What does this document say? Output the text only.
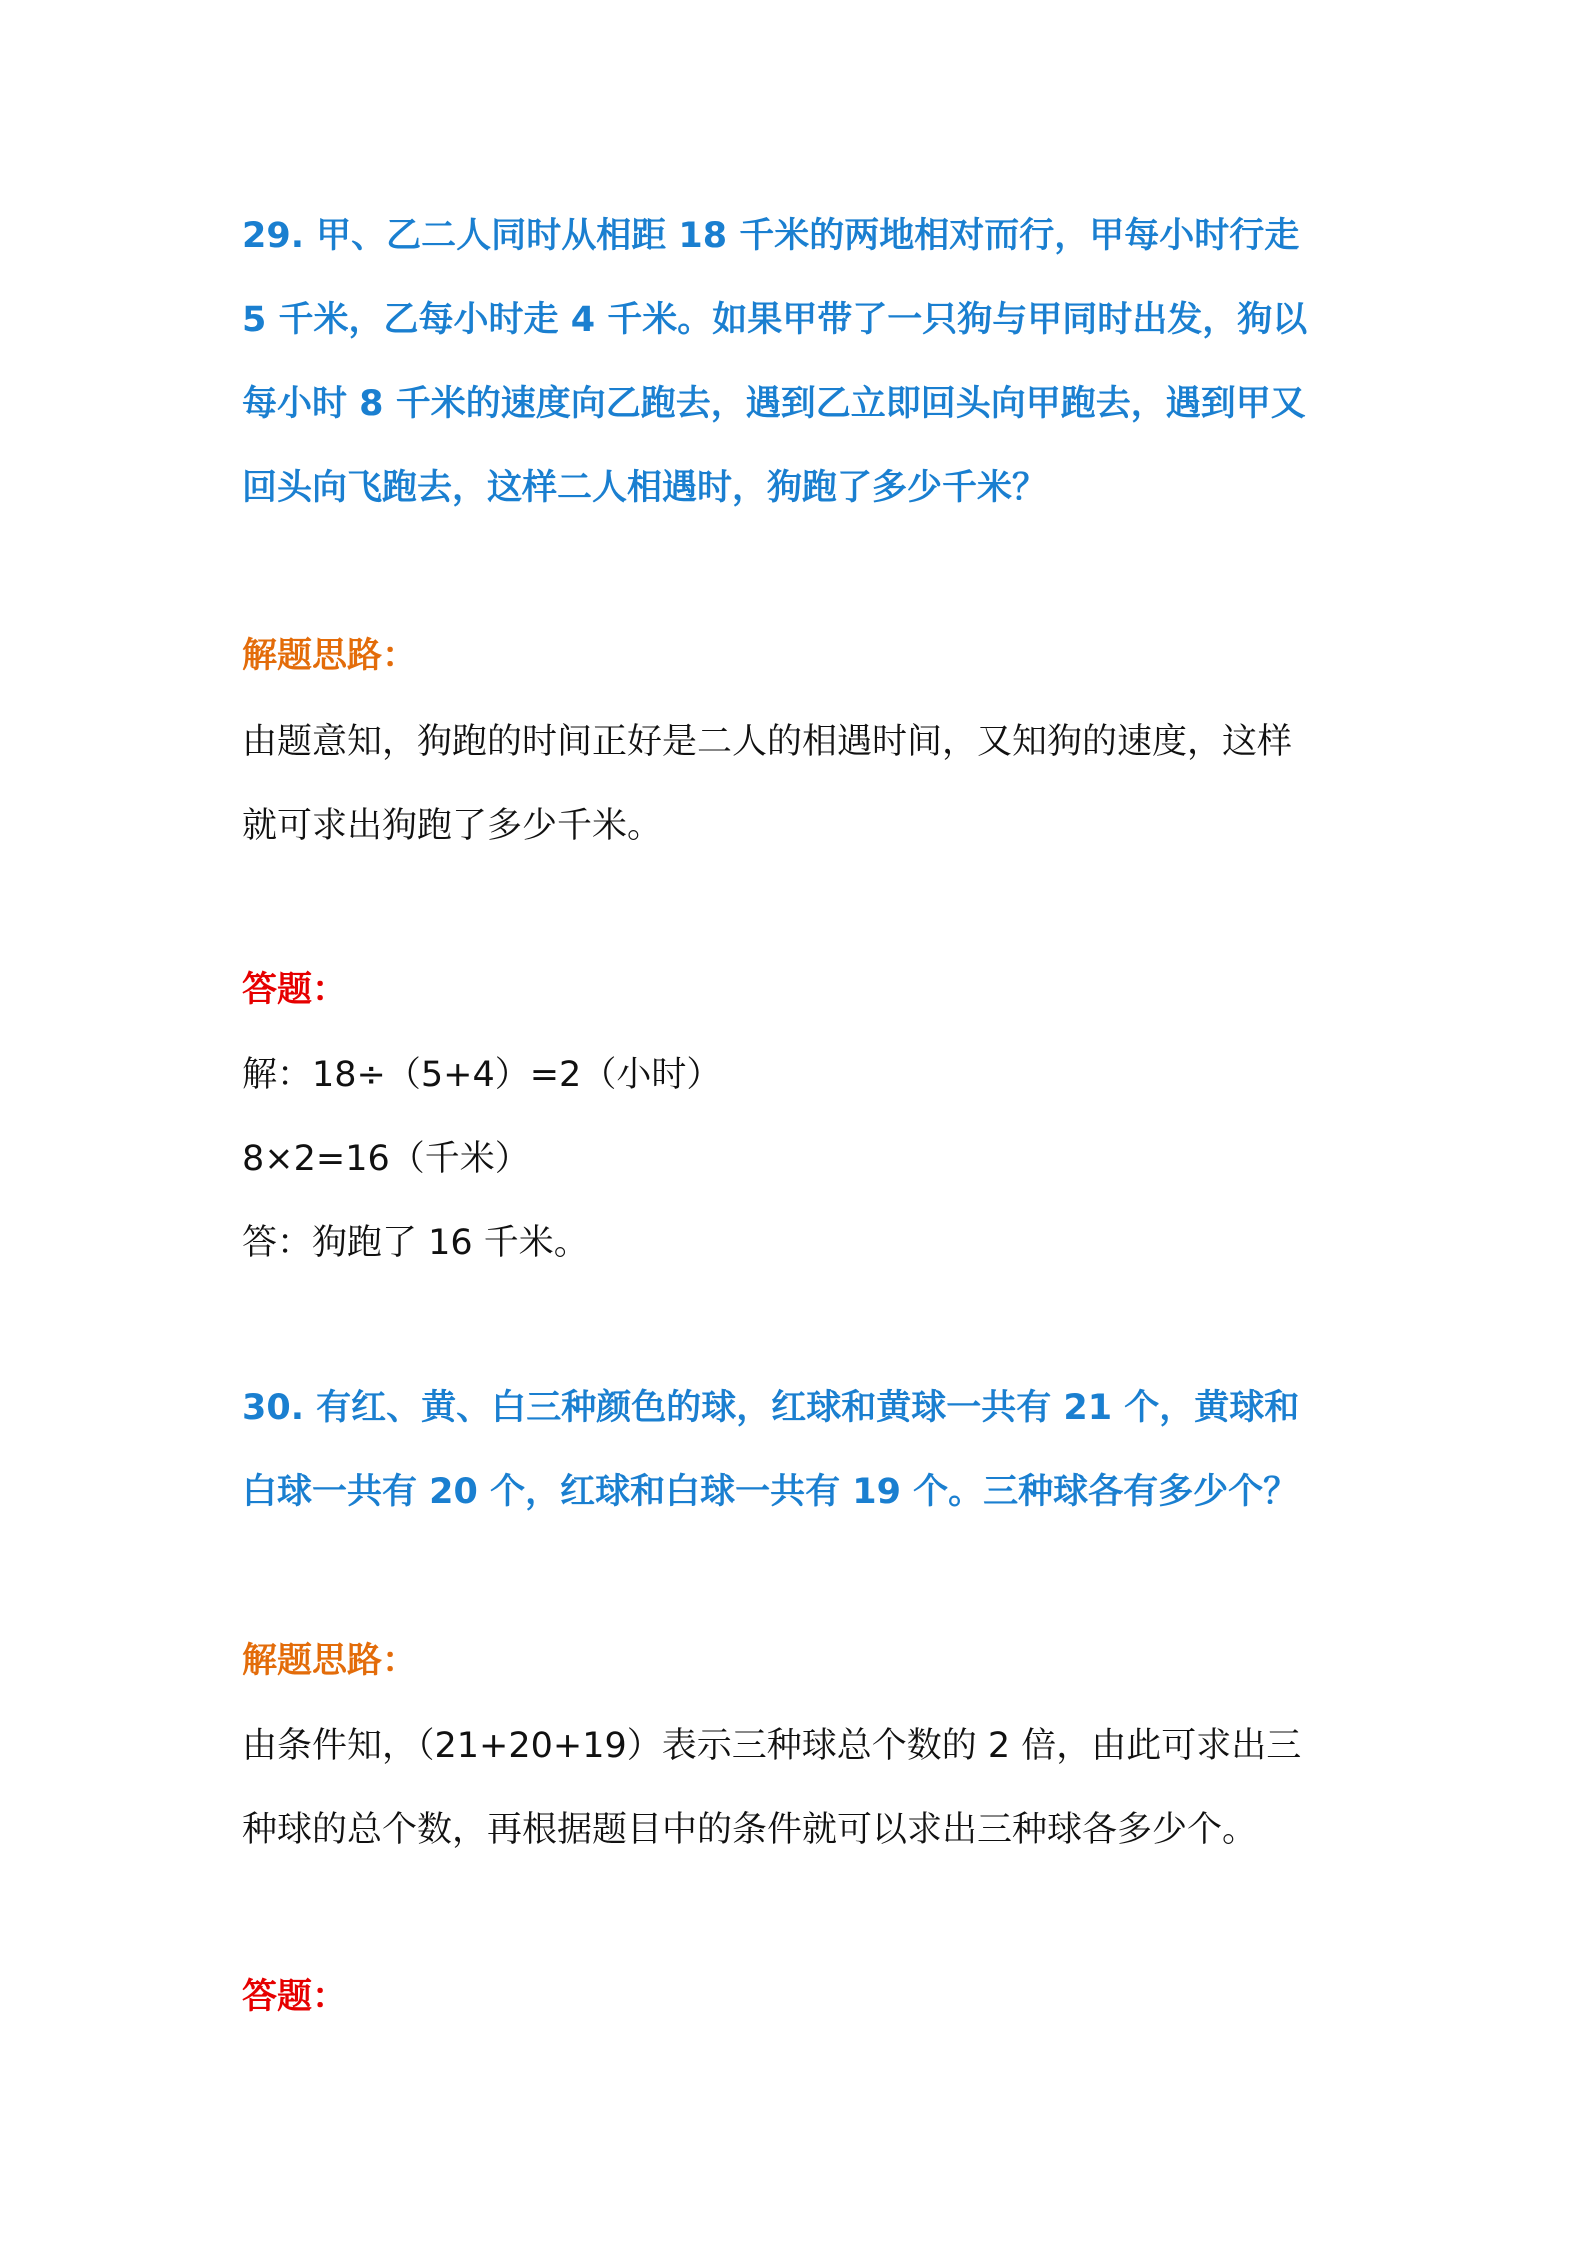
29. 甲、乙二人同时从相距 18 千米的两地相对而行，甲每小时行走
5 千米，乙每小时走 4 千米。如果甲带了一只狗与甲同时出发，狗以
每小时 8 千米的速度向乙跑去，遇到乙立即回头向甲跑去，遇到甲又
回头向飞跑去，这样二人相遇时，狗跑了多少千米？
解题思路：
由题意知，狗跑的时间正好是二人的相遇时间，又知狗的速度，这样
就可求出狗跑了多少千米。
答题：
解：18÷（5+4）=2（小时）
8×2=16（千米）
答：狗跑了 16 千米。
30. 有红、黄、白三种颜色的球，红球和黄球一共有 21 个，黄球和
白球一共有 20 个，红球和白球一共有 19 个。三种球各有多少个？
解题思路：
由条件知，（21+20+19）表示三种球总个数的 2 倍，由此可求出三
种球的总个数，再根据题目中的条件就可以求出三种球各多少个。
答题：
